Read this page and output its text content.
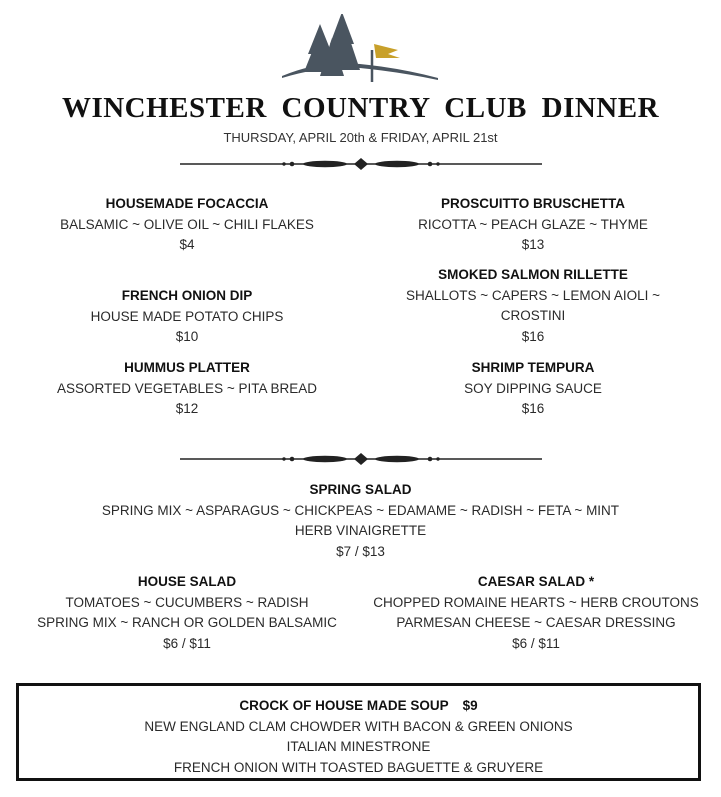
WINCHESTER COUNTRY CLUB DINNER
THURSDAY, APRIL 20th & FRIDAY, APRIL 21st
HOUSEMADE FOCACCIA
BALSAMIC ~ OLIVE OIL ~ CHILI FLAKES
$4
PROSCUITTO BRUSCHETTA
RICOTTA ~ PEACH GLAZE ~ THYME
$13
SMOKED SALMON RILLETTE
SHALLOTS ~ CAPERS ~ LEMON AIOLI ~
CROSTINI
$16
FRENCH ONION DIP
HOUSE MADE POTATO CHIPS
$10
HUMMUS PLATTER
ASSORTED VEGETABLES ~ PITA BREAD
$12
SHRIMP TEMPURA
SOY DIPPING SAUCE
$16
SPRING SALAD
SPRING MIX ~ ASPARAGUS ~ CHICKPEAS ~ EDAMAME ~ RADISH ~ FETA ~ MINT
HERB VINAIGRETTE
$7 / $13
HOUSE SALAD
TOMATOES ~ CUCUMBERS ~ RADISH
SPRING MIX ~ RANCH OR GOLDEN BALSAMIC
$6 / $11
CAESAR SALAD *
CHOPPED ROMAINE HEARTS ~ HERB CROUTONS
PARMESAN CHEESE ~ CAESAR DRESSING
$6 / $11
CROCK OF HOUSE MADE SOUP $9
NEW ENGLAND CLAM CHOWDER WITH BACON & GREEN ONIONS
ITALIAN MINESTRONE
FRENCH ONION WITH TOASTED BAGUETTE & GRUYERE
